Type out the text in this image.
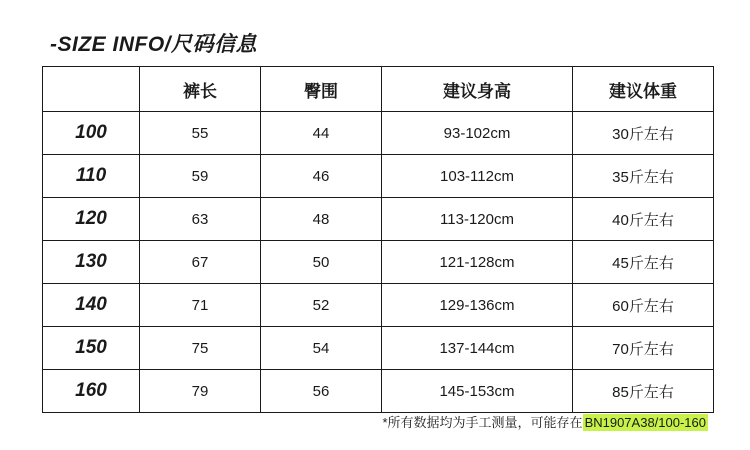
-SIZE INFO/尺码信息
	裤长	臀围	建议身高	建议体重
100	55	44	93-102cm	30斤左右
110	59	46	103-112cm	35斤左右
120	63	48	113-120cm	40斤左右
130	67	50	121-128cm	45斤左右
140	71	52	129-136cm	60斤左右
150	75	54	137-144cm	70斤左右
160	79	56	145-153cm	85斤左右
*所有数据均为手工测量，可能存在 BN1907A38/100-160
